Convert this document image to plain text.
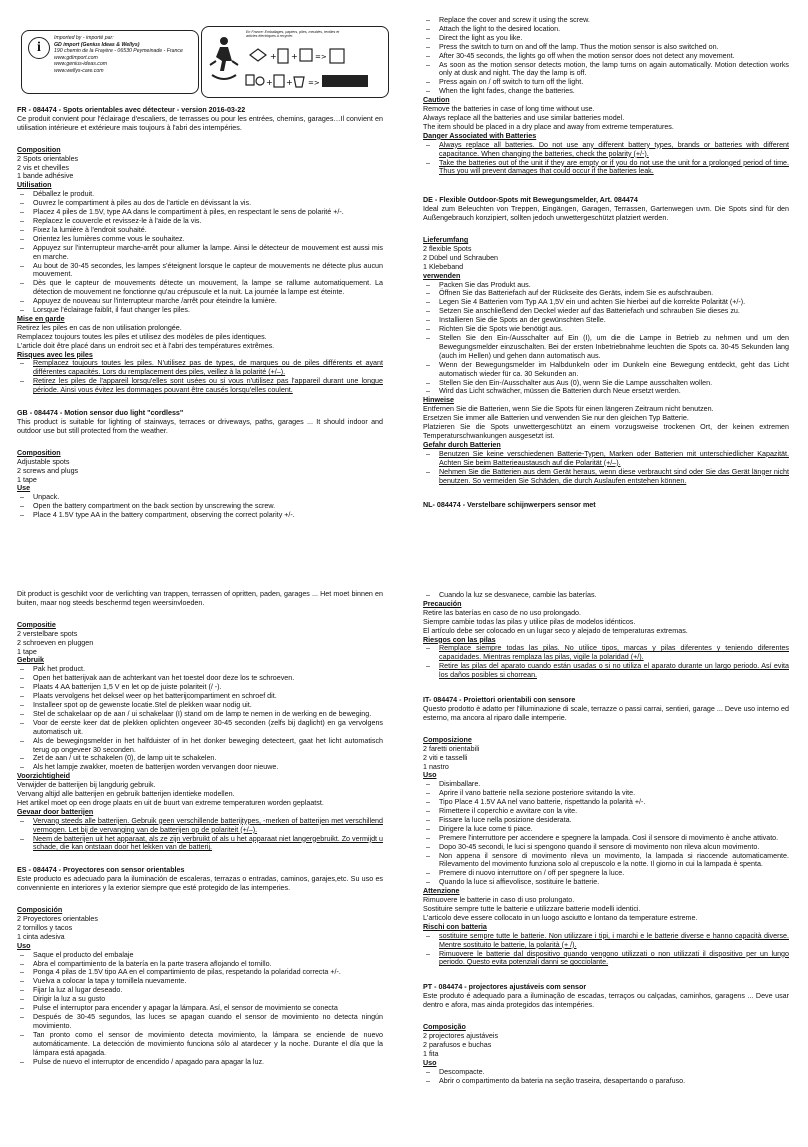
i
Imported by - importé par:
GD import (Genius Ideas & Wellys)
190 chemin de la Frayère - 06530 Peymeinade - France
www.gdimport.com
www.genius-ideas.com
www.wellys-care.com
+ + =>
+ + =>
En France: Emballages, papiers, piles, meubles, textiles et articles électriques à recycler.
FR - 084474 - Spots orientables avec détecteur - version 2016-03-22
Ce produit convient pour l'éclairage d'escaliers, de terrasses ou pour les entrées, chemins, garages…Il convient en utilisation intérieure et extérieure mais toujours à l'abri des intempéries.
Composition
2 Spots orientables
2 vis et chevilles
1 bande adhésive
Utilisation
– Déballez le produit.
– Ouvrez le compartiment à piles au dos de l'article en dévissant la vis.
– Placez 4 piles de 1.5V, type AA dans le compartiment à piles, en respectant le sens de polarité +/-.
– Replacez le couvercle et revissez-le à l'aide de la vis.
– Fixez la lumière à l'endroit souhaité.
– Orientez les lumières comme vous le souhaitez.
– Appuyez sur l'interrupteur marche-arrêt pour allumer la lampe. Ainsi le détecteur de mouvement est aussi mis en marche.
– Au bout de 30-45 secondes, les lampes s'éteignent lorsque le capteur de mouvements ne détecte plus aucun mouvement.
– Dès que le capteur de mouvements détecte un mouvement, la lampe se rallume automatiquement. La détection de mouvement ne fonctionne qu'au crépuscule et la nuit. La journée la lampe est éteinte.
– Appuyez de nouveau sur l'interrupteur marche /arrêt pour éteindre la lumière.
– Lorsque l'éclairage faiblit, il faut changer les piles.
Mise en garde
Retirez les piles en cas de non utilisation prolongée.
Remplacez toujours toutes les piles et utilisez des modèles de piles identiques.
L'article doit être placé dans un endroit sec et à l'abri des températures extrêmes.
Risques avec les piles
– Remplacez toujours toutes les piles. N'utilisez pas de types, de marques ou de piles différents et ayant différentes capacités. Lors du remplacement des piles, veillez à la polarité (+/–).
– Retirez les piles de l'appareil lorsqu'elles sont usées ou si vous n'utilisez pas l'appareil durant une longue période. Ainsi vous évitez les dommages pouvant être causés lorsqu'elles coulent.
GB - 084474 - Motion sensor duo light "cordless"
This product is suitable for lighting of stairways, terraces or driveways, paths, garages ... It should indoor and outdoor use but still protected from the weather.
Composition
Adjustable spots
2 screws and plugs
1 tape
Use
– Unpack.
– Open the battery compartment on the back section by unscrewing the screw.
– Place 4 1.5V type AA in the battery compartment, observing the correct polarity +/-.
– Replace the cover and screw it using the screw.
– Attach the light to the desired location.
– Direct the light as you like.
– Press the switch to turn on and off the lamp. Thus the motion sensor is also switched on.
– After 30-45 seconds, the lights go off when the motion sensor does not detect any movement.
– As soon as the motion sensor detects motion, the lamp turns on again automatically. Motion detection works only at dusk and night. The day the lamp is off.
– Press again on / off switch to turn off the light.
– When the light fades, change the batteries.
Caution
Remove the batteries in case of long time without use.
Always replace all the batteries and use similar batteries model.
The item should be placed in a dry place and away from extreme temperatures.
Danger Associated with Batteries
– Always replace all batteries. Do not use any different battery types, brands or batteries with different capacitance. When changing the batteries, check the polarity (+/-).
– Take the batteries out of the unit if they are empty or if you do not use the unit for a prolonged period of time. Thus you will prevent damages that could occur if the batteries leak.
DE - Flexible Outdoor-Spots mit Bewegungsmelder, Art. 084474
Ideal zum Beleuchten von Treppen, Eingängen, Garagen, Terrassen, Gartenwegen uvm. Die Spots sind für den Außengebrauch konzipiert, sollten jedoch unwettergeschützt platziert werden.
Lieferumfang
2 flexible Spots
2 Dübel und Schrauben
1 Klebeband
verwenden
– Packen Sie das Produkt aus.
– Öffnen Sie das Batteriefach auf der Rückseite des Geräts, indem Sie es aufschrauben.
– Legen Sie 4 Batterien vom Typ AA 1,5V ein und achten Sie hierbei auf die korrekte Polarität (+/-).
– Setzen Sie anschließend den Deckel wieder auf das Batteriefach und schrauben Sie dieses zu.
– Installieren Sie die Spots an der gewünschten Stelle.
– Richten Sie die Spots wie benötigt aus.
– Stellen Sie den Ein-/Ausschalter auf Ein (I), um die die Lampe in Betrieb zu nehmen und um den Bewegungsmelder einzuschalten. Bei der ersten Inbetriebnahme leuchten die Spots ca. 30-45 Sekunden lang (auch im Hellen) und gehen dann automatisch aus.
– Wenn der Bewegungsmelder im Halbdunkeln oder im Dunkeln eine Bewegung entdeckt, geht das Licht automatisch wieder für ca. 30 Sekunden an.
– Stellen Sie den Ein-/Ausschalter aus Aus (0), wenn Sie die Lampe ausschalten wollen.
– Wird das Licht schwächer, müssen die Batterien durch Neue ersetzt werden.
Hinweise
Entfernen Sie die Batterien, wenn Sie die Spots für einen längeren Zeitraum nicht benutzen.
Ersetzen Sie immer alle Batterien und verwenden Sie nur den gleichen Typ Batterie.
Platzieren Sie die Spots unwettergeschützt an einem vorzugsweise trockenen Ort, der keinen extremen Temperaturschwankungen ausgesetzt ist.
Gefahr durch Batterien
– Benutzen Sie keine verschiedenen Batterie-Typen, Marken oder Batterien mit unterschiedlicher Kapazität. Achten Sie beim Batterieaustausch auf die Polarität (+/–).
– Nehmen Sie die Batterien aus dem Gerät heraus, wenn diese verbraucht sind oder Sie das Gerät länger nicht benutzen. So vermeiden Sie Schäden, die durch Auslaufen entstehen können.
NL- 084474 - Verstelbare schijnwerpers sensor met
Dit product is geschikt voor de verlichting van trappen, terrassen of opritten, paden, garages ... Het moet binnen en buiten, maar nog steeds beschermd tegen weersinvloeden.
Compositie
2 verstelbare spots
2 schroeven en pluggen
1 tape
Gebruik
– Pak het product.
– Open het batterijvak aan de achterkant van het toestel door deze los te schroeven.
– Plaats 4 AA batterijen 1,5 V en let op de juiste polariteit (/ -).
– Plaats vervolgens het deksel weer op het batterijcompartiment en schroef dit.
– Installeer spot op de gewenste locatie.Stel de plekken waar nodig uit.
– Stel de schakelaar op de aan / ui schakelaar (I) stand om de lamp te nemen in de werking en de beweging.
– Voor de eerste keer dat de plekken oplichten ongeveer 30-45 seconden (zelfs bij daglicht) en ga vervolgens automatisch uit.
– Als de bewegingsmelder in het halfduister of in het donker beweging detecteert, gaat het licht automatisch terug op ongeveer 30 seconden.
– Zet de aan / uit te schakelen (0), de lamp uit te schakelen.
– Als het lampje zwakker, moeten de batterijen worden vervangen door nieuwe.
Voorzichtigheid
Verwijder de batterijen bij langdurig gebruik.
Vervang altijd alle batterijen en gebruik batterijen identieke modellen.
Het artikel moet op een droge plaats en uit de buurt van extreme temperaturen worden geplaatst.
Gevaar door batterijen
– Vervang steeds alle batterijen. Gebruik geen verschillende batterijtypes, -merken of batterijen met verschillend vermogen. Let bij de vervanging van de batterijen op de polariteit (+/–).
– Neem de batterijen uit het apparaat, als ze zijn verbruikt of als u het apparaat niet langergebruikt. Zo vermijdt u schade, die kan ontstaan door het lekken van de batterij.
ES - 084474 - Proyectores con sensor orientables
Este producto es adecuado para la iluminación de escaleras, terrazas o entradas, caminos, garajes,etc. Su uso es convenniente en interiores y la exterior siempre que esté protegido de las intemperies.
Composición
2 Proyectores orientables
2 tornillos y tacos
1 cinta adesiva
Uso
– Saque el producto del embalaje
– Abra el compartimiento de la batería en la parte trasera aflojando el tornillo.
– Ponga 4 pilas de 1.5V tipo AA en el compartimiento de pilas, respetando la polaridad correcta +/-.
– Vuelva a colocar la tapa y tornillela nuevamente.
– Fijar la luz al lugar deseado.
– Dirigir la luz a su gusto
– Pulse el interruptor para encender y apagar la lámpara. Así, el sensor de movimiento se conecta
– Después de 30-45 segundos, las luces se apagan cuando el sensor de movimiento no detecta ningún movimiento.
– Tan pronto como el sensor de movimiento detecta movimiento, la lámpara se enciende de nuevo automáticamente. La detección de movimiento funciona sólo al atardecer y la noche. Durante el día que la lámpara está apagada.
– Pulse de nuevo el interruptor de encendido / apagado para apagar la luz.
– Cuando la luz se desvanece, cambie las baterías.
Precaución
Retire las baterías en caso de no uso prolongado.
Siempre cambie todas las pilas y utilice pilas de modelos idénticos.
El artículo debe ser colocado en un lugar seco y alejado de temperaturas extremas.
Riesgos con las pilas
– Remplace siempre todas las pilas. No utilice tipos, marcas y pilas diferentes y teniendo diferentes capacidades. Mientras remplaza las pilas, vigile la polaridad (+/).
– Retire las pilas del aparato cuando están usadas o si no utiliza el aparato durante un largo periodo. Así evita los daños posibles si chorrean.
IT- 084474 - Proiettori orientabili con sensore
Questo prodotto è adatto per l'illuminazione di scale, terrazze o passi carrai, sentieri, garage ... Deve uso interno ed esterno, ma ancora al riparo dalle intemperie.
Composizione
2 faretti orientabili
2 viti e tasselli
1 nastro
Uso
– Disimballare.
– Aprire il vano batterie nella sezione posteriore svitando la vite.
– Tipo Place 4 1.5V AA nel vano batterie, rispettando la polarità +/-.
– Rimettere il coperchio e avvitare con la vite.
– Fissare la luce nella posizione desiderata.
– Dirigere la luce come ti piace.
– Premere l'interruttore per accendere e spegnere la lampada. Così il sensore di movimento è anche attivato.
– Dopo 30-45 secondi, le luci si spengono quando il sensore di movimento non rileva alcun movimento.
– Non appena il sensore di movimento rileva un movimento, la lampada si riaccende automaticamente. Rilevamento del movimento funziona solo al crepuscolo e la notte. Il giorno in cui la lampada è spenta.
– Premere di nuovo interruttore on / off per spegnere la luce.
– Quando la luce si affievolisce, sostituire le batterie.
Attenzione
Rimuovere le batterie in caso di uso prolungato.
Sostituire sempre tutte le batterie e utilizzare batterie modelli identici.
L'articolo deve essere collocato in un luogo asciutto e lontano da temperature estreme.
Rischi con batteria
– sostituire sempre tutte le batterie. Non utilizzare i tipi, i marchi e le batterie diverse e hanno capacità diverse. Mentre sostituito le batterie, la polarità (+ /).
– Rimuovere le batterie dal dispositivo quando vengono utilizzati o non utilizzati il dispositivo per un lungo periodo. Questo evita potenziali danni se gocciolante.
PT - 084474 - projectores ajustáveis com sensor
Este produto é adequado para a iluminação de escadas, terraços ou calçadas, caminhos, garagens ... Deve usar dentro e afora, mas ainda protegidos das intempéries.
Composição
2 projectores ajustáveis
2 parafusos e buchas
1 fita
Uso
– Descompacte.
– Abrir o compartimento da bateria na seção traseira, desapertando o parafuso.
